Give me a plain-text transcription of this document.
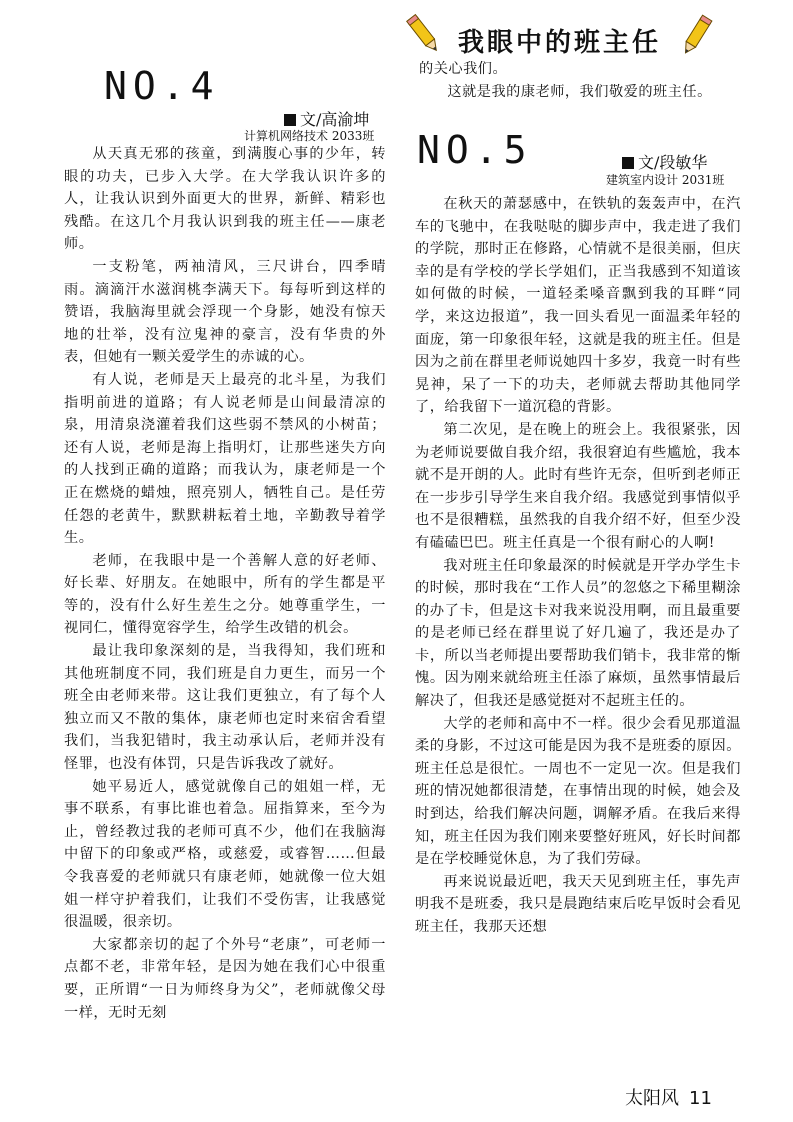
我眼中的班主任
NO.4
文/高渝坤
计算机网络技术 2033班

从天真无邪的孩童，到满腹心事的少年，转眼的功夫，已步入大学。在大学我认识许多的人，让我认识到外面更大的世界，新鲜、精彩也残酷。在这几个月我认识到我的班主任——康老师。

一支粉笔，两袖清风，三尺讲台，四季晴雨。滴滴汗水滋润桃李满天下。每每听到这样的赞语，我脑海里就会浮现一个身影，她没有惊天地的壮举，没有泣鬼神的豪言，没有华贵的外表，但她有一颗关爱学生的赤诚的心。

有人说，老师是天上最亮的北斗星，为我们指明前进的道路；有人说老师是山间最清凉的泉，用清泉浇灌着我们这些弱不禁风的小树苗；还有人说，老师是海上指明灯，让那些迷失方向的人找到正确的道路；而我认为，康老师是一个正在燃烧的蜡烛，照亮别人，牺牲自己。是任劳任怨的老黄牛，默默耕耘着土地，辛勤教导着学生。

老师，在我眼中是一个善解人意的好老师、好长辈、好朋友。在她眼中，所有的学生都是平等的，没有什么好生差生之分。她尊重学生，一视同仁，懂得宽容学生，给学生改错的机会。

最让我印象深刻的是，当我得知，我们班和其他班制度不同，我们班是自力更生，而另一个班全由老师来带。这让我们更独立，有了每个人独立而又不散的集体，康老师也定时来宿舍看望我们，当我犯错时，我主动承认后，老师并没有怪罪，也没有体罚，只是告诉我改了就好。

她平易近人，感觉就像自己的姐姐一样，无事不联系，有事比谁也着急。屈指算来，至今为止，曾经教过我的老师可真不少，他们在我脑海中留下的印象或严格，或慈爱，或睿智……但最令我喜爱的老师就只有康老师，她就像一位大姐姐一样守护着我们，让我们不受伤害，让我感觉很温暖，很亲切。

大家都亲切的起了个外号“老康”，可老师一点都不老，非常年轻，是因为她在我们心中很重要，正所谓“一日为师终身为父”，老师就像父母一样，无时无刻

的关心我们。

这就是我的康老师，我们敬爱的班主任。

NO.5	文/段敏华
建筑室内设计 2031班

在秋天的萧瑟感中，在铁轨的轰轰声中，在汽车的飞驰中，在我哒哒的脚步声中，我走进了我们的学院，那时正在修路，心情就不是很美丽，但庆幸的是有学校的学长学姐们，正当我感到不知道该如何做的时候，一道轻柔嗓音飘到我的耳畔“同学，来这边报道”，我一回头看见一面温柔年轻的面庞，第一印象很年轻，这就是我的班主任。但是因为之前在群里老师说她四十多岁，我竟一时有些晃神，呆了一下的功夫，老师就去帮助其他同学了，给我留下一道沉稳的背影。

第二次见，是在晚上的班会上。我很紧张，因为老师说要做自我介绍，我很窘迫有些尴尬，我本就不是开朗的人。此时有些许无奈，但听到老师正在一步步引导学生来自我介绍。我感觉到事情似乎也不是很糟糕，虽然我的自我介绍不好，但至少没有磕磕巴巴。班主任真是一个很有耐心的人啊!

我对班主任印象最深的时候就是开学办学生卡的时候，那时我在“工作人员”的忽悠之下稀里糊涂的办了卡，但是这卡对我来说没用啊，而且最重要的是老师已经在群里说了好几遍了，我还是办了卡，所以当老师提出要帮助我们销卡，我非常的惭愧。因为刚来就给班主任添了麻烦，虽然事情最后解决了，但我还是感觉挺对不起班主任的。

大学的老师和高中不一样。很少会看见那道温柔的身影，不过这可能是因为我不是班委的原因。班主任总是很忙。一周也不一定见一次。但是我们班的情况她都很清楚，在事情出现的时候，她会及时到达，给我们解决问题，调解矛盾。在我后来得知，班主任因为我们刚来要整好班风，好长时间都是在学校睡觉休息，为了我们劳碌。

再来说说最近吧，我天天见到班主任，事先声明我不是班委，我只是晨跑结束后吃早饭时会看见班主任，我那天还想

太阳风 11
